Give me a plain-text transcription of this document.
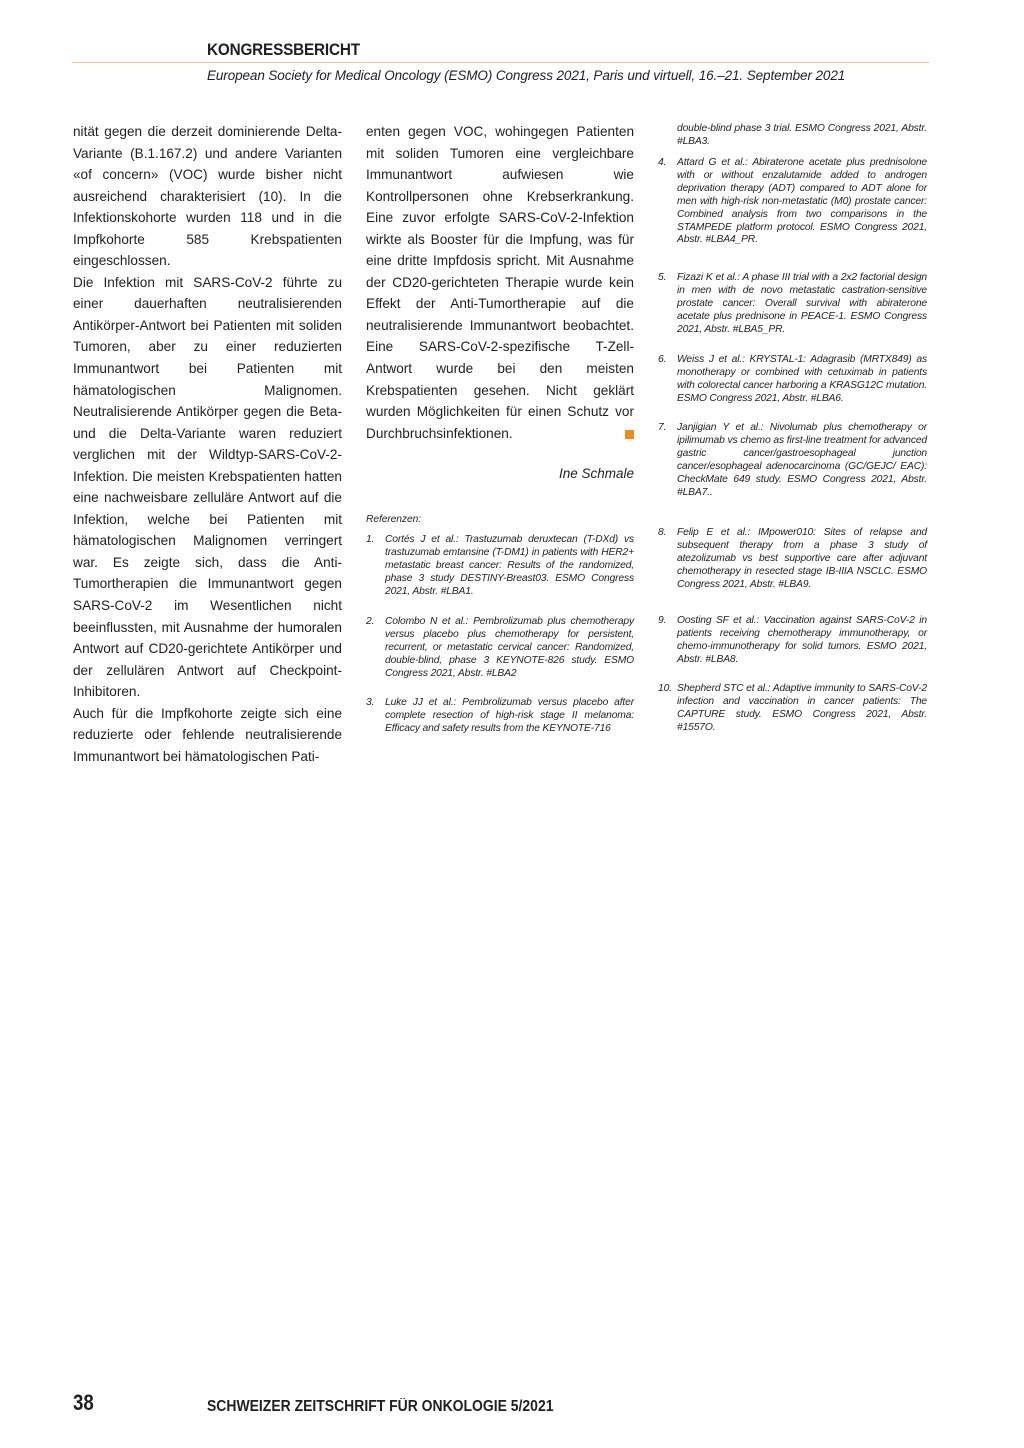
KONGRESSBERICHT
European Society for Medical Oncology (ESMO) Congress 2021, Paris und virtuell, 16.–21. September 2021

nität gegen die derzeit dominierende Delta-Variante (B.1.167.2) und andere Varianten «of concern» (VOC) wurde bisher nicht ausreichend charakterisiert (10). In die Infektionskohorte wurden 118 und in die Impfkohorte 585 Krebspatienten eingeschlossen.

Die Infektion mit SARS-CoV-2 führte zu einer dauerhaften neutralisierenden Antikörper-Antwort bei Patienten mit soliden Tumoren, aber zu einer reduzierten Immunantwort bei Patienten mit hämatologischen Malignomen. Neutralisierende Antikörper gegen die Beta- und die Delta-Variante waren reduziert verglichen mit der Wildtyp-SARS-CoV-2-Infektion. Die meisten Krebspatienten hatten eine nachweisbare zelluläre Antwort auf die Infektion, welche bei Patienten mit hämatologischen Malignomen verringert war. Es zeigte sich, dass die Anti-Tumortherapien die Immunantwort gegen SARS-CoV-2 im Wesentlichen nicht beeinflussten, mit Ausnahme der humoralen Antwort auf CD20-gerichtete Antikörper und der zellulären Antwort auf Checkpoint-Inhibitoren.

Auch für die Impfkohorte zeigte sich eine reduzierte oder fehlende neutralisierende Immunantwort bei hämatologischen Pati-

enten gegen VOC, wohingegen Patienten mit soliden Tumoren eine vergleichbare Immunantwort aufwiesen wie Kontrollpersonen ohne Krebserkrankung. Eine zuvor erfolgte SARS-CoV-2-Infektion wirkte als Booster für die Impfung, was für eine dritte Impfdosis spricht. Mit Ausnahme der CD20-gerichteten Therapie wurde kein Effekt der Anti-Tumortherapie auf die neutralisierende Immunantwort beobachtet. Eine SARS-CoV-2-spezifische T-Zell-Antwort wurde bei den meisten Krebspatienten gesehen. Nicht geklärt wurden Möglichkeiten für einen Schutz vor Durchbruchsinfektionen.

Ine Schmale
Referenzen:
1.	Cortés J et al.: Trastuzumab deruxtecan (T-DXd) vs trastuzumab emtansine (T-DM1) in patients with HER2+ metastatic breast cancer: Results of the randomized, phase 3 study DESTINY-Breast03. ESMO Congress 2021, Abstr. #LBA1.
2.	Colombo N et al.: Pembrolizumab plus chemotherapy versus placebo plus chemotherapy for persistent, recurrent, or metastatic cervical cancer: Randomized, double-blind, phase 3 KEYNOTE-826 study. ESMO Congress 2021, Abstr. #LBA2
3.	Luke JJ et al.: Pembrolizumab versus placebo after complete resection of high-risk stage II melanoma: Efficacy and safety results from the KEYNOTE-716
double-blind phase 3 trial. ESMO Congress 2021, Abstr. #LBA3.
4.	Attard G et al.: Abiraterone acetate plus prednisolone with or without enzalutamide added to androgen deprivation therapy (ADT) compared to ADT alone for men with high-risk non-metastatic (M0) prostate cancer: Combined analysis from two comparisons in the STAMPEDE platform protocol. ESMO Congress 2021, Abstr. #LBA4_PR.
5.	Fizazi K et al.: A phase III trial with a 2x2 factorial design in men with de novo metastatic castration-sensitive prostate cancer: Overall survival with abiraterone acetate plus prednisone in PEACE-1. ESMO Congress 2021, Abstr. #LBA5_PR.
6.	Weiss J et al.: KRYSTAL-1: Adagrasib (MRTX849) as monotherapy or combined with cetuximab in patients with colorectal cancer harboring a KRASG12C mutation. ESMO Congress 2021, Abstr. #LBA6.
7.	Janjigian Y et al.: Nivolumab plus chemotherapy or ipilimumab vs chemo as first-line treatment for advanced gastric cancer/gastroesophageal junction cancer/esophageal adenocarcinoma (GC/GEJC/ EAC): CheckMate 649 study. ESMO Congress 2021, Abstr. #LBA7..
8.	Felip E et al.: IMpower010: Sites of relapse and subsequent therapy from a phase 3 study of atezolizumab vs best supportive care after adjuvant chemotherapy in resected stage IB-IIIA NSCLC. ESMO Congress 2021, Abstr. #LBA9.
9.	Oosting SF et al.: Vaccination against SARS-CoV-2 in patients receiving chemotherapy immunotherapy, or chemo-immunotherapy for solid tumors. ESMO 2021, Abstr. #LBA8.
10. Shepherd STC et al.: Adaptive immunity to SARS-CoV-2 infection and vaccination in cancer patients: The CAPTURE study. ESMO Congress 2021, Abstr. #1557O.
38	SCHWEIZER ZEITSCHRIFT FÜR ONKOLOGIE 5/2021
